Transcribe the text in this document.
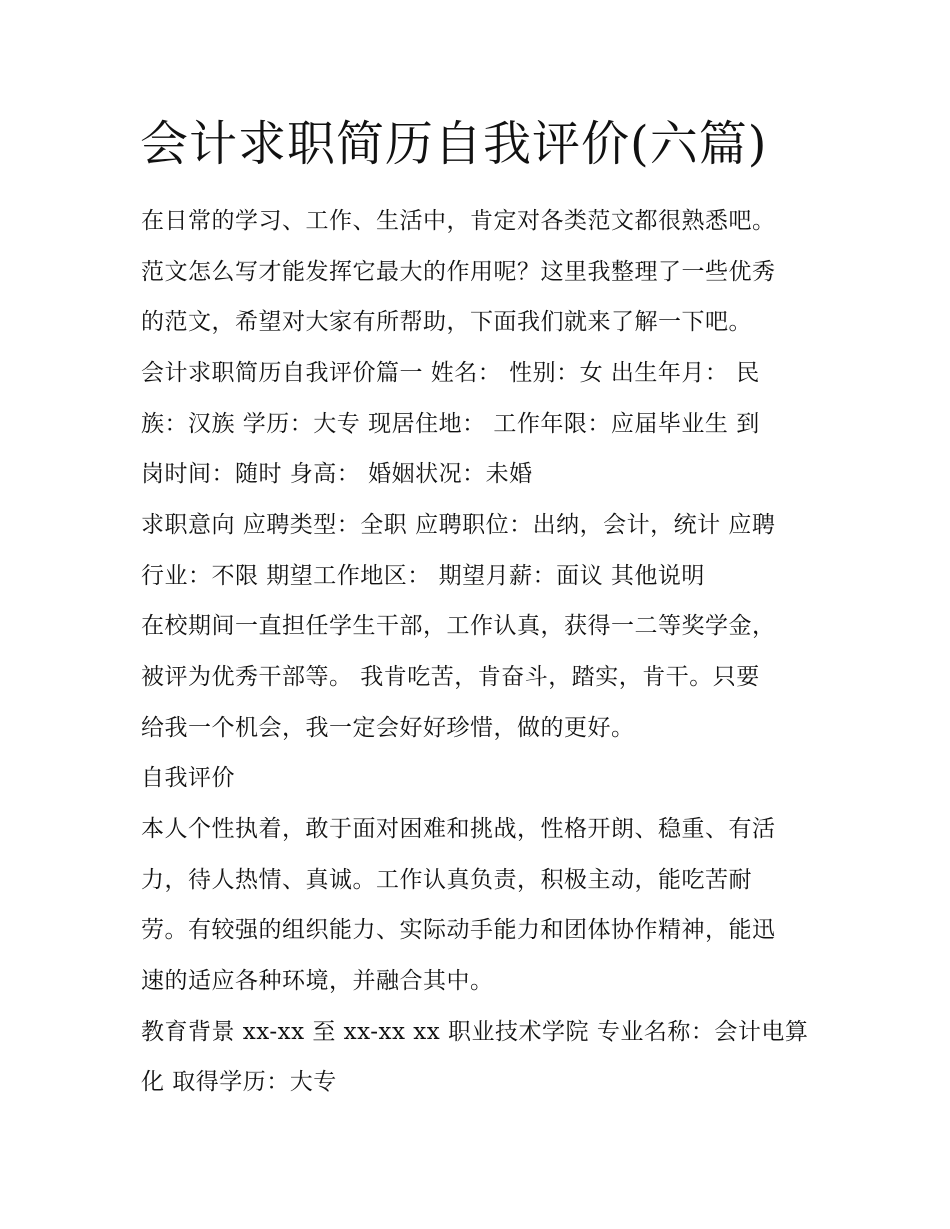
会计求职简历自我评价(六篇)

在日常的学习、工作、生活中，肯定对各类范文都很熟悉吧。

范文怎么写才能发挥它最大的作用呢？这里我整理了一些优秀

的范文，希望对大家有所帮助，下面我们就来了解一下吧。

会计求职简历自我评价篇一 姓名： 性别：女 出生年月： 民

族：汉族 学历：大专 现居住地： 工作年限：应届毕业生 到

岗时间：随时 身高： 婚姻状况：未婚

求职意向 应聘类型：全职 应聘职位：出纳，会计，统计 应聘

行业：不限 期望工作地区： 期望月薪：面议 其他说明

在校期间一直担任学生干部，工作认真，获得一二等奖学金，

被评为优秀干部等。 我肯吃苦，肯奋斗，踏实，肯干。只要

给我一个机会，我一定会好好珍惜，做的更好。

自我评价

本人个性执着，敢于面对困难和挑战，性格开朗、稳重、有活

力，待人热情、真诚。工作认真负责，积极主动，能吃苦耐

劳。有较强的组织能力、实际动手能力和团体协作精神，能迅

速的适应各种环境，并融合其中。

教育背景 xx-xx 至 xx-xx xx 职业技术学院 专业名称：会计电算

化 取得学历：大专
